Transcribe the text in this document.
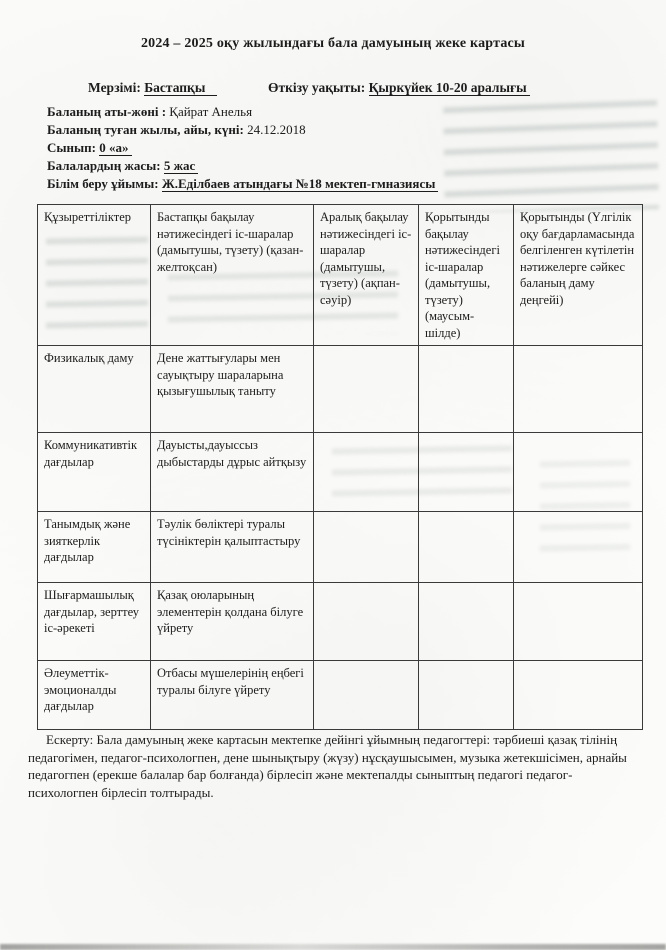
2024 – 2025 оқу жылындағы бала дамуының жеке картасы
Мерзімі: Бастапқы	Өткізу уақыты: Қыркүйек 10-20 аралығы
Баланың аты-жөні : Қайрат Анелья
Баланың туған жылы, айы, күні: 24.12.2018
Сынып: 0 «а»
Балалардың жасы: 5 жас
Білім беру ұйымы: Ж.Еділбаев атындағы №18 мектеп-гмназиясы
Құзыреттіліктер	Бастапқы бақылау нәтижесіндегі іс-шаралар (дамытушы, түзету) (қазан-желтоқсан)	Аралық бақылау нәтижесіндегі іс-шаралар (дамытушы, түзету) (ақпан-сәуір)	Қорытынды бақылау нәтижесіндегі іс-шаралар (дамытушы, түзету) (маусым-шілде)	Қорытынды (Үлгілік оқу бағдарламасында белгіленген күтілетін нәтижелерге сәйкес баланың даму деңгейі)
Физикалық даму	Дене жаттығулары мен сауықтыру шараларына қызығушылық таныту			
Коммуникативтік дағдылар	Дауысты,дауыссыз дыбыстарды дұрыс айтқызу			
Танымдық және зияткерлік дағдылар	Тәулік бөліктері туралы түсініктерін қалыптастыру			
Шығармашылық дағдылар, зерттеу іс-әрекеті	Қазақ оюларының элементерін қолдана білуге үйрету			
Әлеуметтік-эмоционалды дағдылар	Отбасы мүшелерінің еңбегі туралы білуге үйрету			

Ескерту: Бала дамуының жеке картасын мектепке дейінгі ұйымның педагогтері: тәрбиеші қазақ тілінің педагогімен, педагог-психологпен, дене шынықтыру (жүзу) нұсқаушысымен, музыка жетекшісімен, арнайы педагогпен (ерекше балалар бар болғанда) бірлесіп және мектепалды сыныптың педагогі педагог-психологпен бірлесіп толтырады.
